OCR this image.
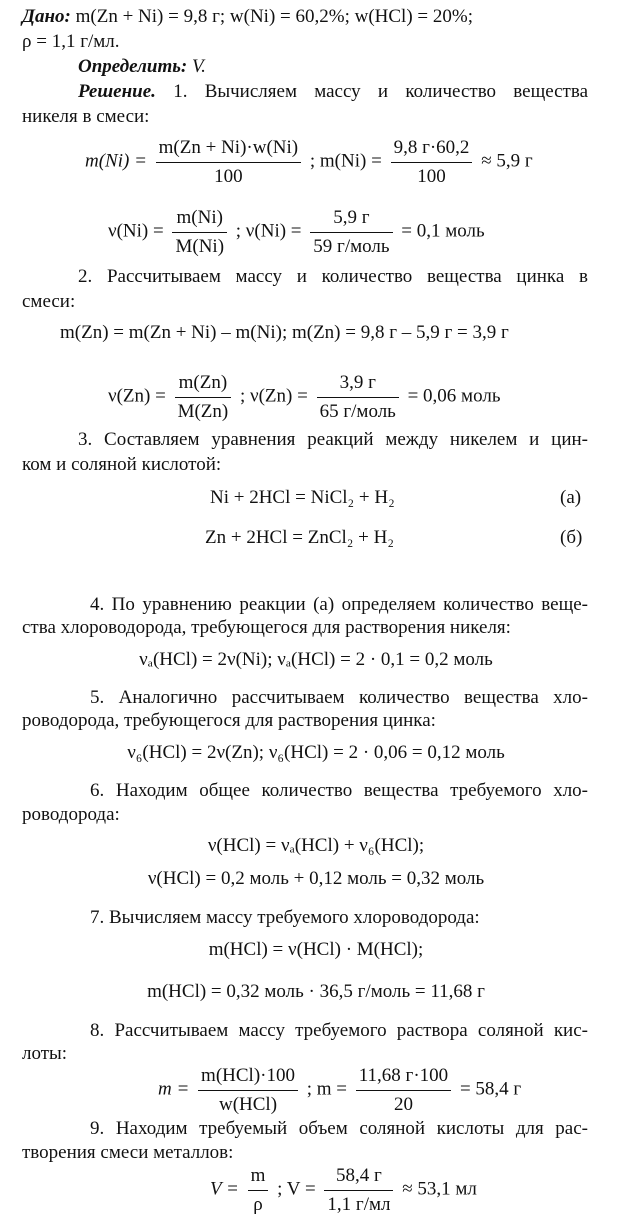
Дано: m(Zn + Ni) = 9,8 г; w(Ni) = 60,2%; w(HCl) = 20%;
ρ = 1,1 г/мл.
Определить: V.
Решение. 1. Вычисляем массу и количество вещества
никеля в смеси:
$m(Ni) = \frac{m(Zn + Ni)\cdot w(Ni)}{100}$ ; $m(Ni) = \frac{9,8 г\cdot 60,2}{100} \approx 5,9$ г
$\nu(Ni) = \frac{m(Ni)}{M(Ni)}$ ; $\nu(Ni) = \frac{5,9 г}{\text{59 г/моль}} = 0,1$ моль
2. Рассчитываем массу и количество вещества цинка в
смеси:
m(Zn) = m(Zn + Ni) – m(Ni); m(Zn) = 9,8 г – 5,9 г = 3,9 г
$\nu(Zn) = \frac{m(Zn)}{M(Zn)}$ ; $\nu(Zn) = \frac{3,9 г}{\text{65 г/моль}} = 0,06$ моль
3. Составляем уравнения реакций между никелем и цин-
ком и соляной кислотой:
Ni + 2HCl = NiCl₂ + H₂	(а)
Zn + 2HCl = ZnCl₂ + H₂	(б)
4. По уравнению реакции (а) определяем количество веще-
ства хлороводорода, требующегося для растворения никеля:
νₐ(HCl) = 2ν(Ni); νₐ(HCl) = 2 · 0,1 = 0,2 моль
5. Аналогично рассчитываем количество вещества хло-
роводорода, требующегося для растворения цинка:
ν₆(HCl) = 2ν(Zn); ν₆(HCl) = 2 · 0,06 = 0,12 моль
6. Находим общее количество вещества требуемого хло-
роводорода:
ν(HCl) = νₐ(HCl) + ν₆(HCl);
ν(HCl) = 0,2 моль + 0,12 моль = 0,32 моль
7. Вычисляем массу требуемого хлороводорода:
m(HCl) = ν(HCl) · M(HCl);
m(HCl) = 0,32 моль · 36,5 г/моль = 11,68 г
8. Рассчитываем массу требуемого раствора соляной кис-
лоты:
$m = \frac{\text{m(HCl)·100}}{\text{w(HCl)}}$ ; $m = \frac{11,68 г\cdot 100}{20} = 58,4$ г
9. Находим требуемый объем соляной кислоты для рас-
творения смеси металлов:
$V = \frac{m}{\rho}$ ; $V = \frac{58,4 г}{1,1 г/мл} \approx 53,1$ мл
